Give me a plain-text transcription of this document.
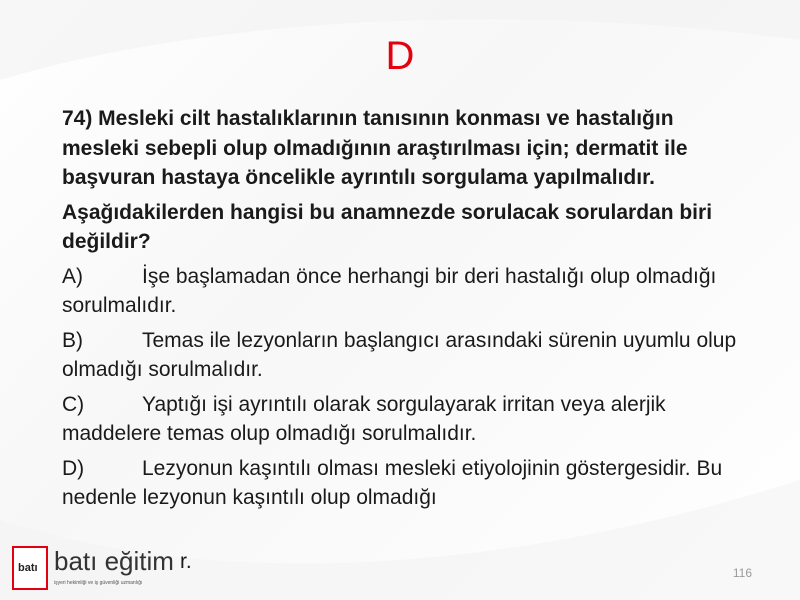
D

74) Mesleki cilt hastalıklarının tanısının konması ve hastalığın mesleki sebepli olup olmadığının araştırılması için; dermatit ile başvuran hastaya öncelikle ayrıntılı sorgulama yapılmalıdır.

Aşağıdakilerden hangisi bu anamnezde sorulacak sorulardan biri değildir?

A)	İşe başlamadan önce herhangi bir deri hastalığı olup olmadığı sorulmalıdır.

B)	Temas ile lezyonların başlangıcı arasındaki sürenin uyumlu olup olmadığı sorulmalıdır.

C)	Yaptığı işi ayrıntılı olarak sorgulayarak irritan veya alerjik maddelere temas olup olmadığı sorulmalıdır.

D)	Lezyonun kaşıntılı olması mesleki etiyolojinin göstergesidir. Bu nedenle lezyonun kaşıntılı olup olmadığı

r.
batı batı eğitim
işyeri hekimliği ve iş güvenliği uzmanlığı
116
